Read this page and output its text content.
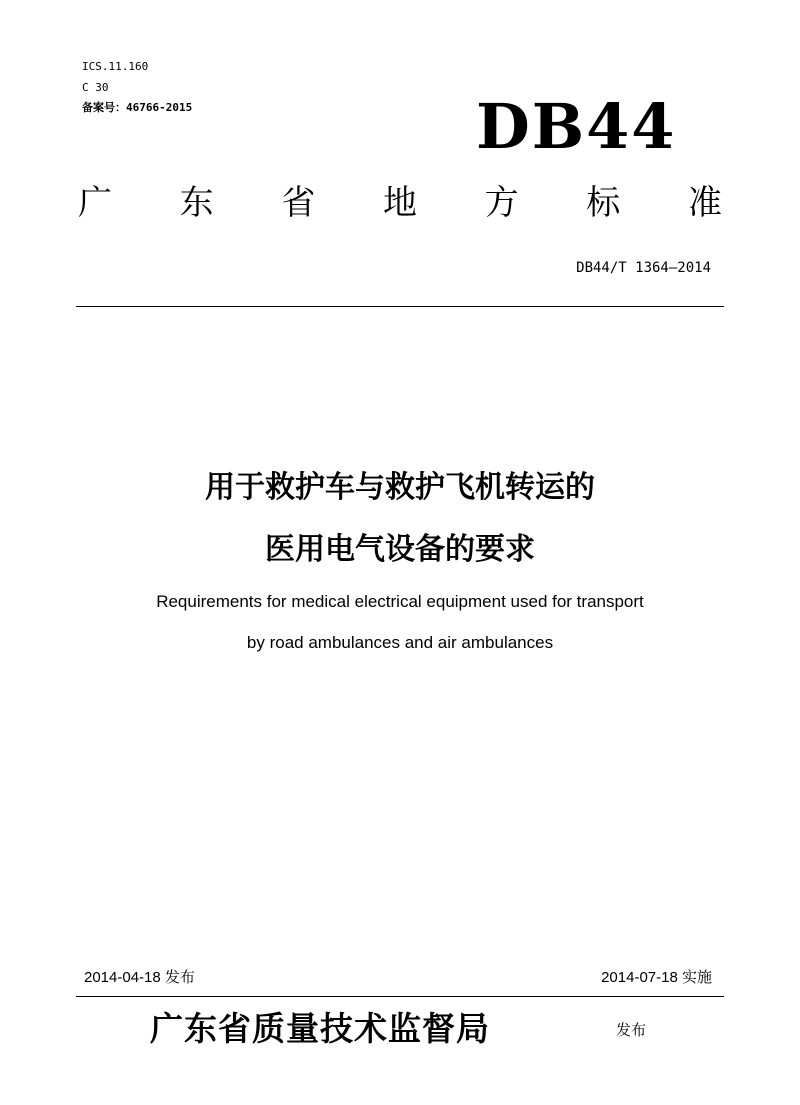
ICS.11.160
C 30
备案号：46766-2015	DB44
广 东 省 地 方 标 准
DB44/T 1364—2014
用于救护车与救护飞机转运的
医用电气设备的要求
Requirements for medical electrical equipment used for transport
by road ambulances and air ambulances
2014-04-18 发布	2014-07-18 实施
广东省质量技术监督局	发布
